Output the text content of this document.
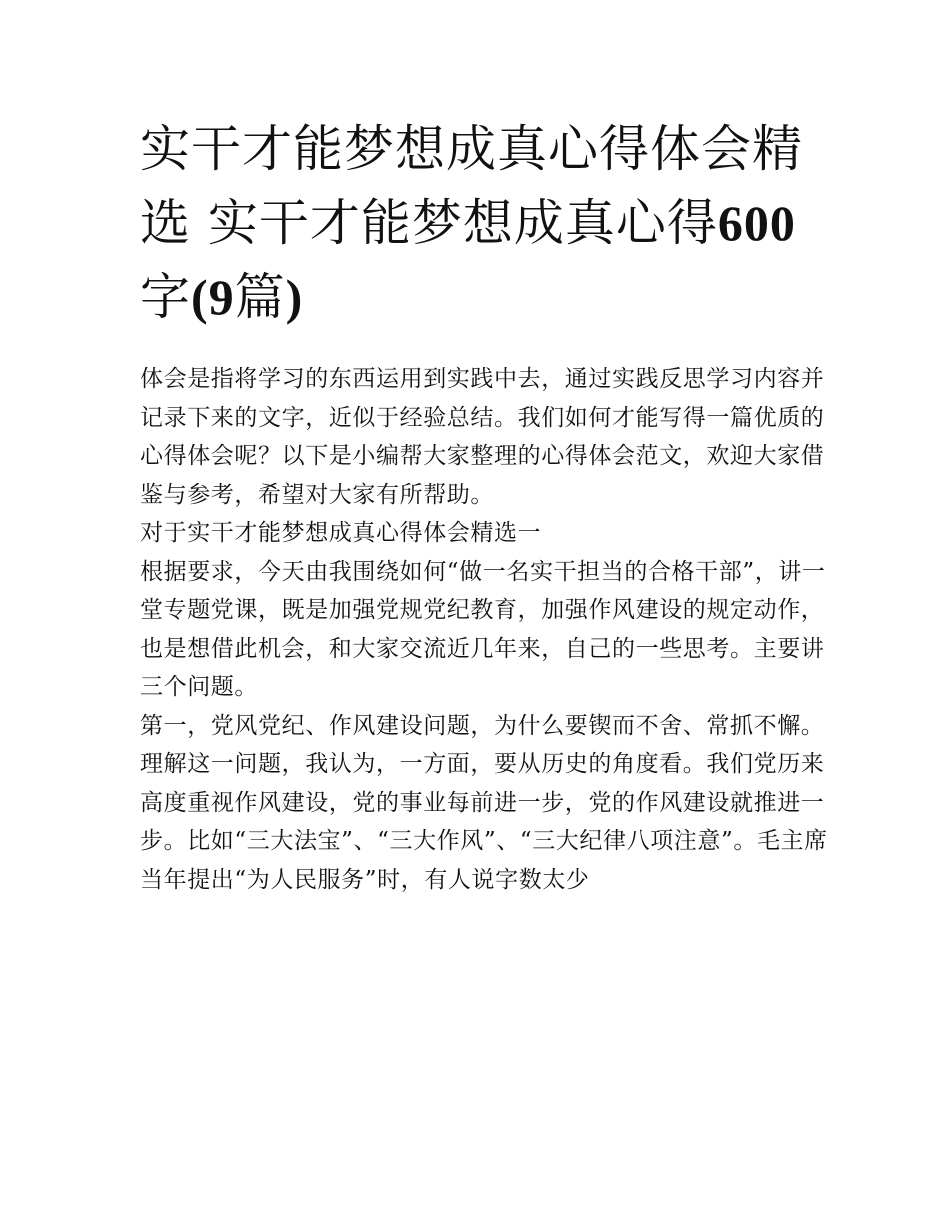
实干才能梦想成真心得体会精选 实干才能梦想成真心得600字(9篇)

体会是指将学习的东西运用到实践中去，通过实践反思学习内容并记录下来的文字，近似于经验总结。我们如何才能写得一篇优质的心得体会呢？以下是小编帮大家整理的心得体会范文，欢迎大家借鉴与参考，希望对大家有所帮助。

对于实干才能梦想成真心得体会精选一

根据要求，今天由我围绕如何“做一名实干担当的合格干部”，讲一堂专题党课，既是加强党规党纪教育，加强作风建设的规定动作，也是想借此机会，和大家交流近几年来，自己的一些思考。主要讲三个问题。

第一，党风党纪、作风建设问题，为什么要锲而不舍、常抓不懈。

理解这一问题，我认为，一方面，要从历史的角度看。我们党历来高度重视作风建设，党的事业每前进一步，党的作风建设就推进一步。比如“三大法宝”、“三大作风”、“三大纪律八项注意”。毛主席当年提出“为人民服务”时，有人说字数太少
